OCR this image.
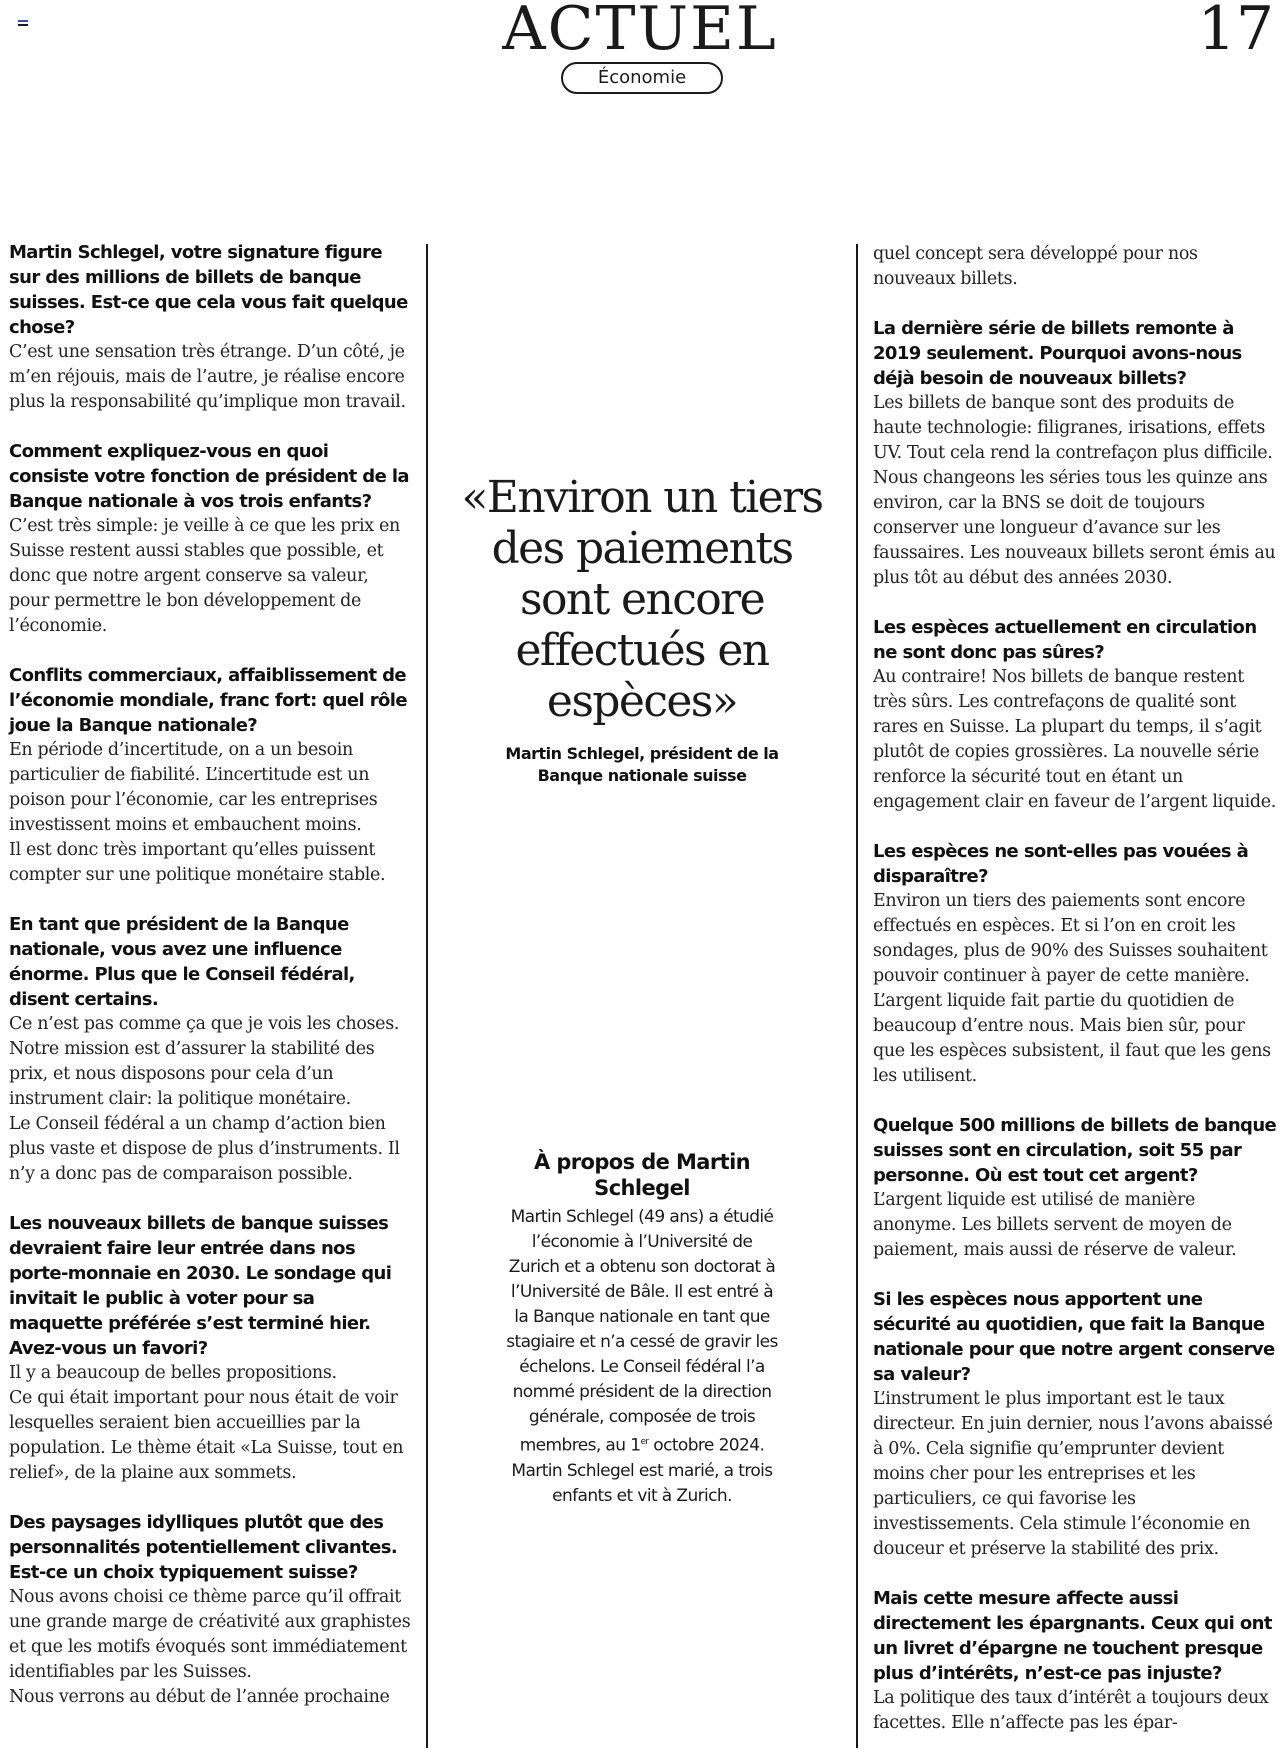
ACTUEL	17
Économie

Martin Schlegel, votre signature figure sur des millions de billets de banque suisses. Est-ce que cela vous fait quelque chose?

C’est une sensation très étrange. D’un côté, je m’en réjouis, mais de l’autre, je réalise encore plus la responsabilité qu’implique mon travail.

Comment expliquez-vous en quoi consiste votre fonction de président de la Banque nationale à vos trois enfants?

C’est très simple: je veille à ce que les prix en Suisse restent aussi stables que possible, et donc que notre argent conserve sa valeur, pour permettre le bon développement de l’économie.

Conflits commerciaux, affaiblissement de l’économie mondiale, franc fort: quel rôle joue la Banque nationale?

En période d’incertitude, on a un besoin particulier de fiabilité. L’incertitude est un poison pour l’économie, car les entreprises investissent moins et embauchent moins.

Il est donc très important qu’elles puissent compter sur une politique monétaire stable.

En tant que président de la Banque nationale, vous avez une influence énorme. Plus que le Conseil fédéral, disent certains.

Ce n’est pas comme ça que je vois les choses. Notre mission est d’assurer la stabilité des prix, et nous disposons pour cela d’un instrument clair: la politique monétaire.

Le Conseil fédéral a un champ d’action bien plus vaste et dispose de plus d’instruments. Il n’y a donc pas de comparaison possible.

Les nouveaux billets de banque suisses devraient faire leur entrée dans nos porte-monnaie en 2030. Le sondage qui invitait le public à voter pour sa maquette préférée s’est terminé hier. Avez-vous un favori?

Il y a beaucoup de belles propositions.

Ce qui était important pour nous était de voir lesquelles seraient bien accueillies par la population. Le thème était «La Suisse, tout en relief», de la plaine aux sommets.

Des paysages idylliques plutôt que des personnalités potentiellement clivantes. Est-ce un choix typiquement suisse?

Nous avons choisi ce thème parce qu’il offrait une grande marge de créativité aux graphistes et que les motifs évoqués sont immédiatement identifiables par les Suisses.

Nous verrons au début de l’année prochaine

«Environ un tiers des paiements sont encore effectués en espèces»

Martin Schlegel, président de la Banque nationale suisse

À propos de Martin Schlegel

Martin Schlegel (49 ans) a étudié l’économie à l’Université de Zurich et a obtenu son doctorat à l’Université de Bâle. Il est entré à la Banque nationale en tant que stagiaire et n’a cessé de gravir les échelons. Le Conseil fédéral l’a nommé président de la direction générale, composée de trois membres, au 1er octobre 2024. Martin Schlegel est marié, a trois enfants et vit à Zurich.

quel concept sera développé pour nos nouveaux billets.

La dernière série de billets remonte à 2019 seulement. Pourquoi avons-nous déjà besoin de nouveaux billets?

Les billets de banque sont des produits de haute technologie: filigranes, irisations, effets UV. Tout cela rend la contrefaçon plus difficile. Nous changeons les séries tous les quinze ans environ, car la BNS se doit de toujours conserver une longueur d’avance sur les faussaires. Les nouveaux billets seront émis au plus tôt au début des années 2030.

Les espèces actuellement en circulation ne sont donc pas sûres?

Au contraire! Nos billets de banque restent très sûrs. Les contrefaçons de qualité sont rares en Suisse. La plupart du temps, il s’agit plutôt de copies grossières. La nouvelle série renforce la sécurité tout en étant un engagement clair en faveur de l’argent liquide.

Les espèces ne sont-elles pas vouées à disparaître?

Environ un tiers des paiements sont encore effectués en espèces. Et si l’on en croit les sondages, plus de 90% des Suisses souhaitent pouvoir continuer à payer de cette manière. L’argent liquide fait partie du quotidien de beaucoup d’entre nous. Mais bien sûr, pour que les espèces subsistent, il faut que les gens les utilisent.

Quelque 500 millions de billets de banque suisses sont en circulation, soit 55 par personne. Où est tout cet argent?

L’argent liquide est utilisé de manière anonyme. Les billets servent de moyen de paiement, mais aussi de réserve de valeur.

Si les espèces nous apportent une sécurité au quotidien, que fait la Banque nationale pour que notre argent conserve sa valeur?

L’instrument le plus important est le taux directeur. En juin dernier, nous l’avons abaissé à 0%. Cela signifie qu’emprunter devient moins cher pour les entreprises et les particuliers, ce qui favorise les investissements. Cela stimule l’économie en douceur et préserve la stabilité des prix.

Mais cette mesure affecte aussi directement les épargnants. Ceux qui ont un livret d’épargne ne touchent presque plus d’intérêts, n’est-ce pas injuste?

La politique des taux d’intérêt a toujours deux facettes. Elle n’affecte pas les épar-
